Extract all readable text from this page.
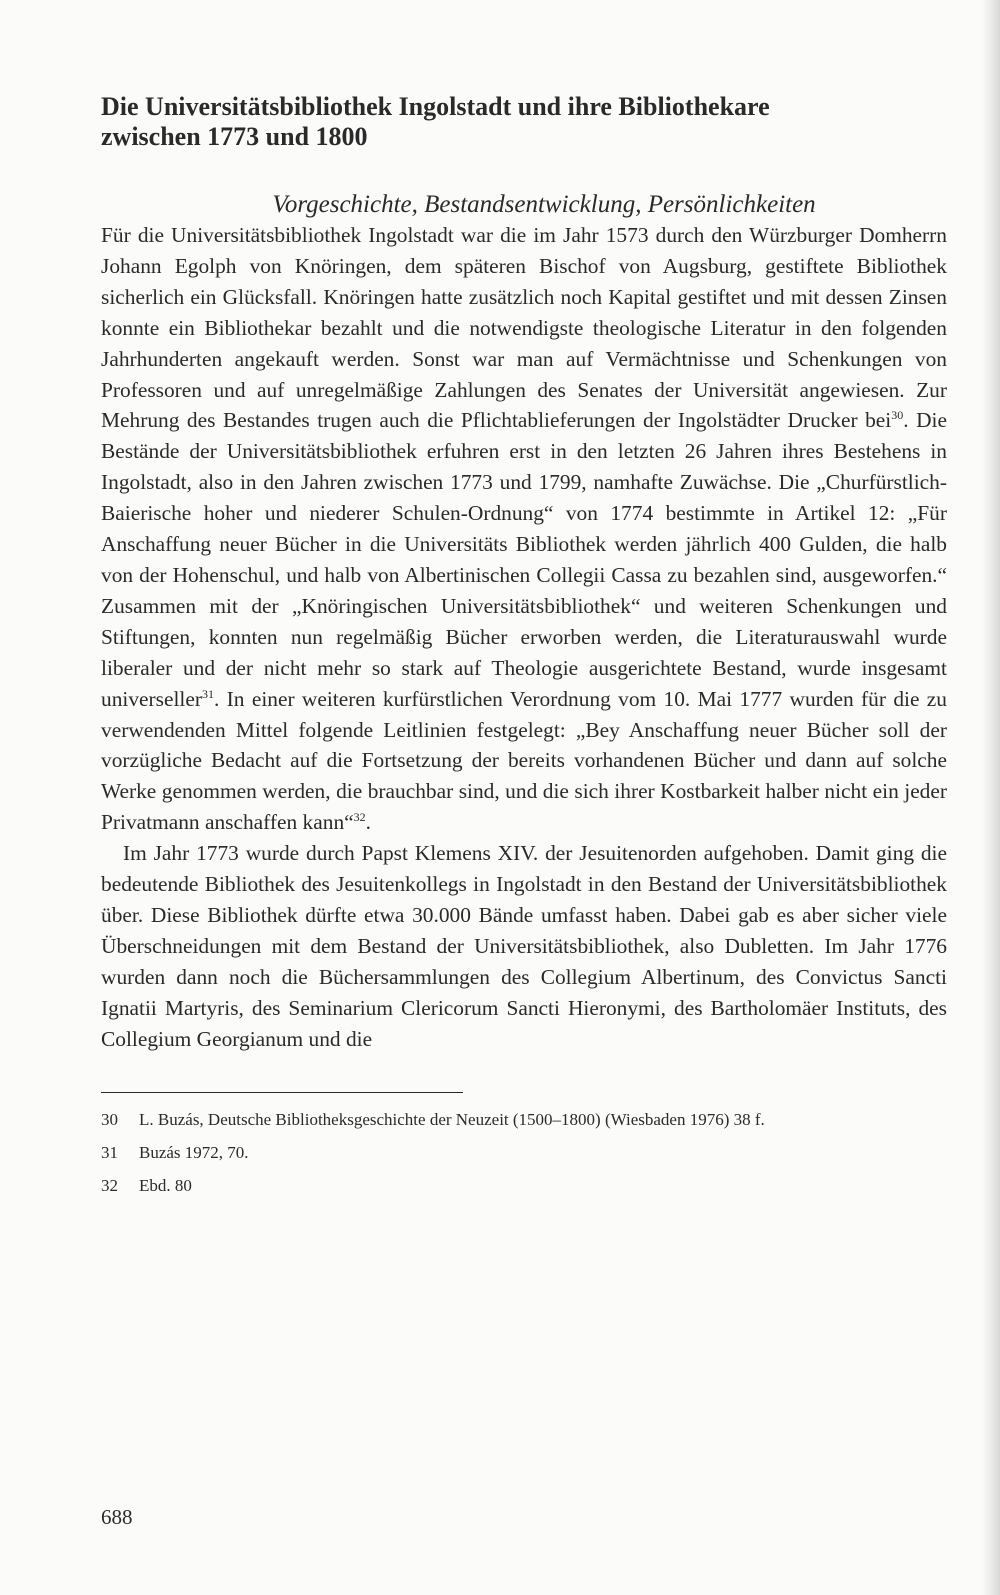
Die Universitätsbibliothek Ingolstadt und ihre Bibliothekare
zwischen 1773 und 1800
Vorgeschichte, Bestandsentwicklung, Persönlichkeiten

Für die Universitätsbibliothek Ingolstadt war die im Jahr 1573 durch den Würzburger Domherrn Johann Egolph von Knöringen, dem späteren Bischof von Augsburg, gestiftete Bibliothek sicherlich ein Glücksfall. Knöringen hatte zusätzlich noch Kapital gestiftet und mit dessen Zinsen konnte ein Bibliothekar bezahlt und die notwendigste theologische Literatur in den folgenden Jahrhunderten angekauft werden. Sonst war man auf Vermächtnisse und Schenkungen von Professoren und auf unregelmäßige Zahlungen des Senates der Universität angewiesen. Zur Mehrung des Bestandes trugen auch die Pflichtablieferungen der Ingolstädter Drucker bei$^{30}$. Die Bestände der Universitätsbibliothek erfuhren erst in den letzten 26 Jahren ihres Bestehens in Ingolstadt, also in den Jahren zwischen 1773 und 1799, namhafte Zuwächse. Die „Churfürstlich-Baierische hoher und niederer Schulen-Ordnung“ von 1774 bestimmte in Artikel 12: „Für Anschaffung neuer Bücher in die Universitäts Bibliothek werden jährlich 400 Gulden, die halb von der Hohenschul, und halb von Albertinischen Collegii Cassa zu bezahlen sind, ausgeworfen.“ Zusammen mit der „Knöringischen Universitätsbibliothek“ und weiteren Schenkungen und Stiftungen, konnten nun regelmäßig Bücher erworben werden, die Literaturauswahl wurde liberaler und der nicht mehr so stark auf Theologie ausgerichtete Bestand, wurde insgesamt universeller$^{31}$. In einer weiteren kurfürstlichen Verordnung vom 10. Mai 1777 wurden für die zu verwendenden Mittel folgende Leitlinien festgelegt: „Bey Anschaffung neuer Bücher soll der vorzügliche Bedacht auf die Fortsetzung der bereits vorhandenen Bücher und dann auf solche Werke genommen werden, die brauchbar sind, und die sich ihrer Kostbarkeit halber nicht ein jeder Privatmann anschaffen kann“$^{32}$.

Im Jahr 1773 wurde durch Papst Klemens XIV. der Jesuitenorden aufgehoben. Damit ging die bedeutende Bibliothek des Jesuitenkollegs in Ingolstadt in den Bestand der Universitätsbibliothek über. Diese Bibliothek dürfte etwa 30.000 Bände umfasst haben. Dabei gab es aber sicher viele Überschneidungen mit dem Bestand der Universitätsbibliothek, also Dubletten. Im Jahr 1776 wurden dann noch die Büchersammlungen des Collegium Albertinum, des Convictus Sancti Ignatii Martyris, des Seminarium Clericorum Sancti Hieronymi, des Bartholomäer Instituts, des Collegium Georgianum und die

30	L. Buzás, Deutsche Bibliotheksgeschichte der Neuzeit (1500–1800) (Wiesbaden 1976) 38 f.
31	Buzás 1972, 70.
32	Ebd. 80
688
